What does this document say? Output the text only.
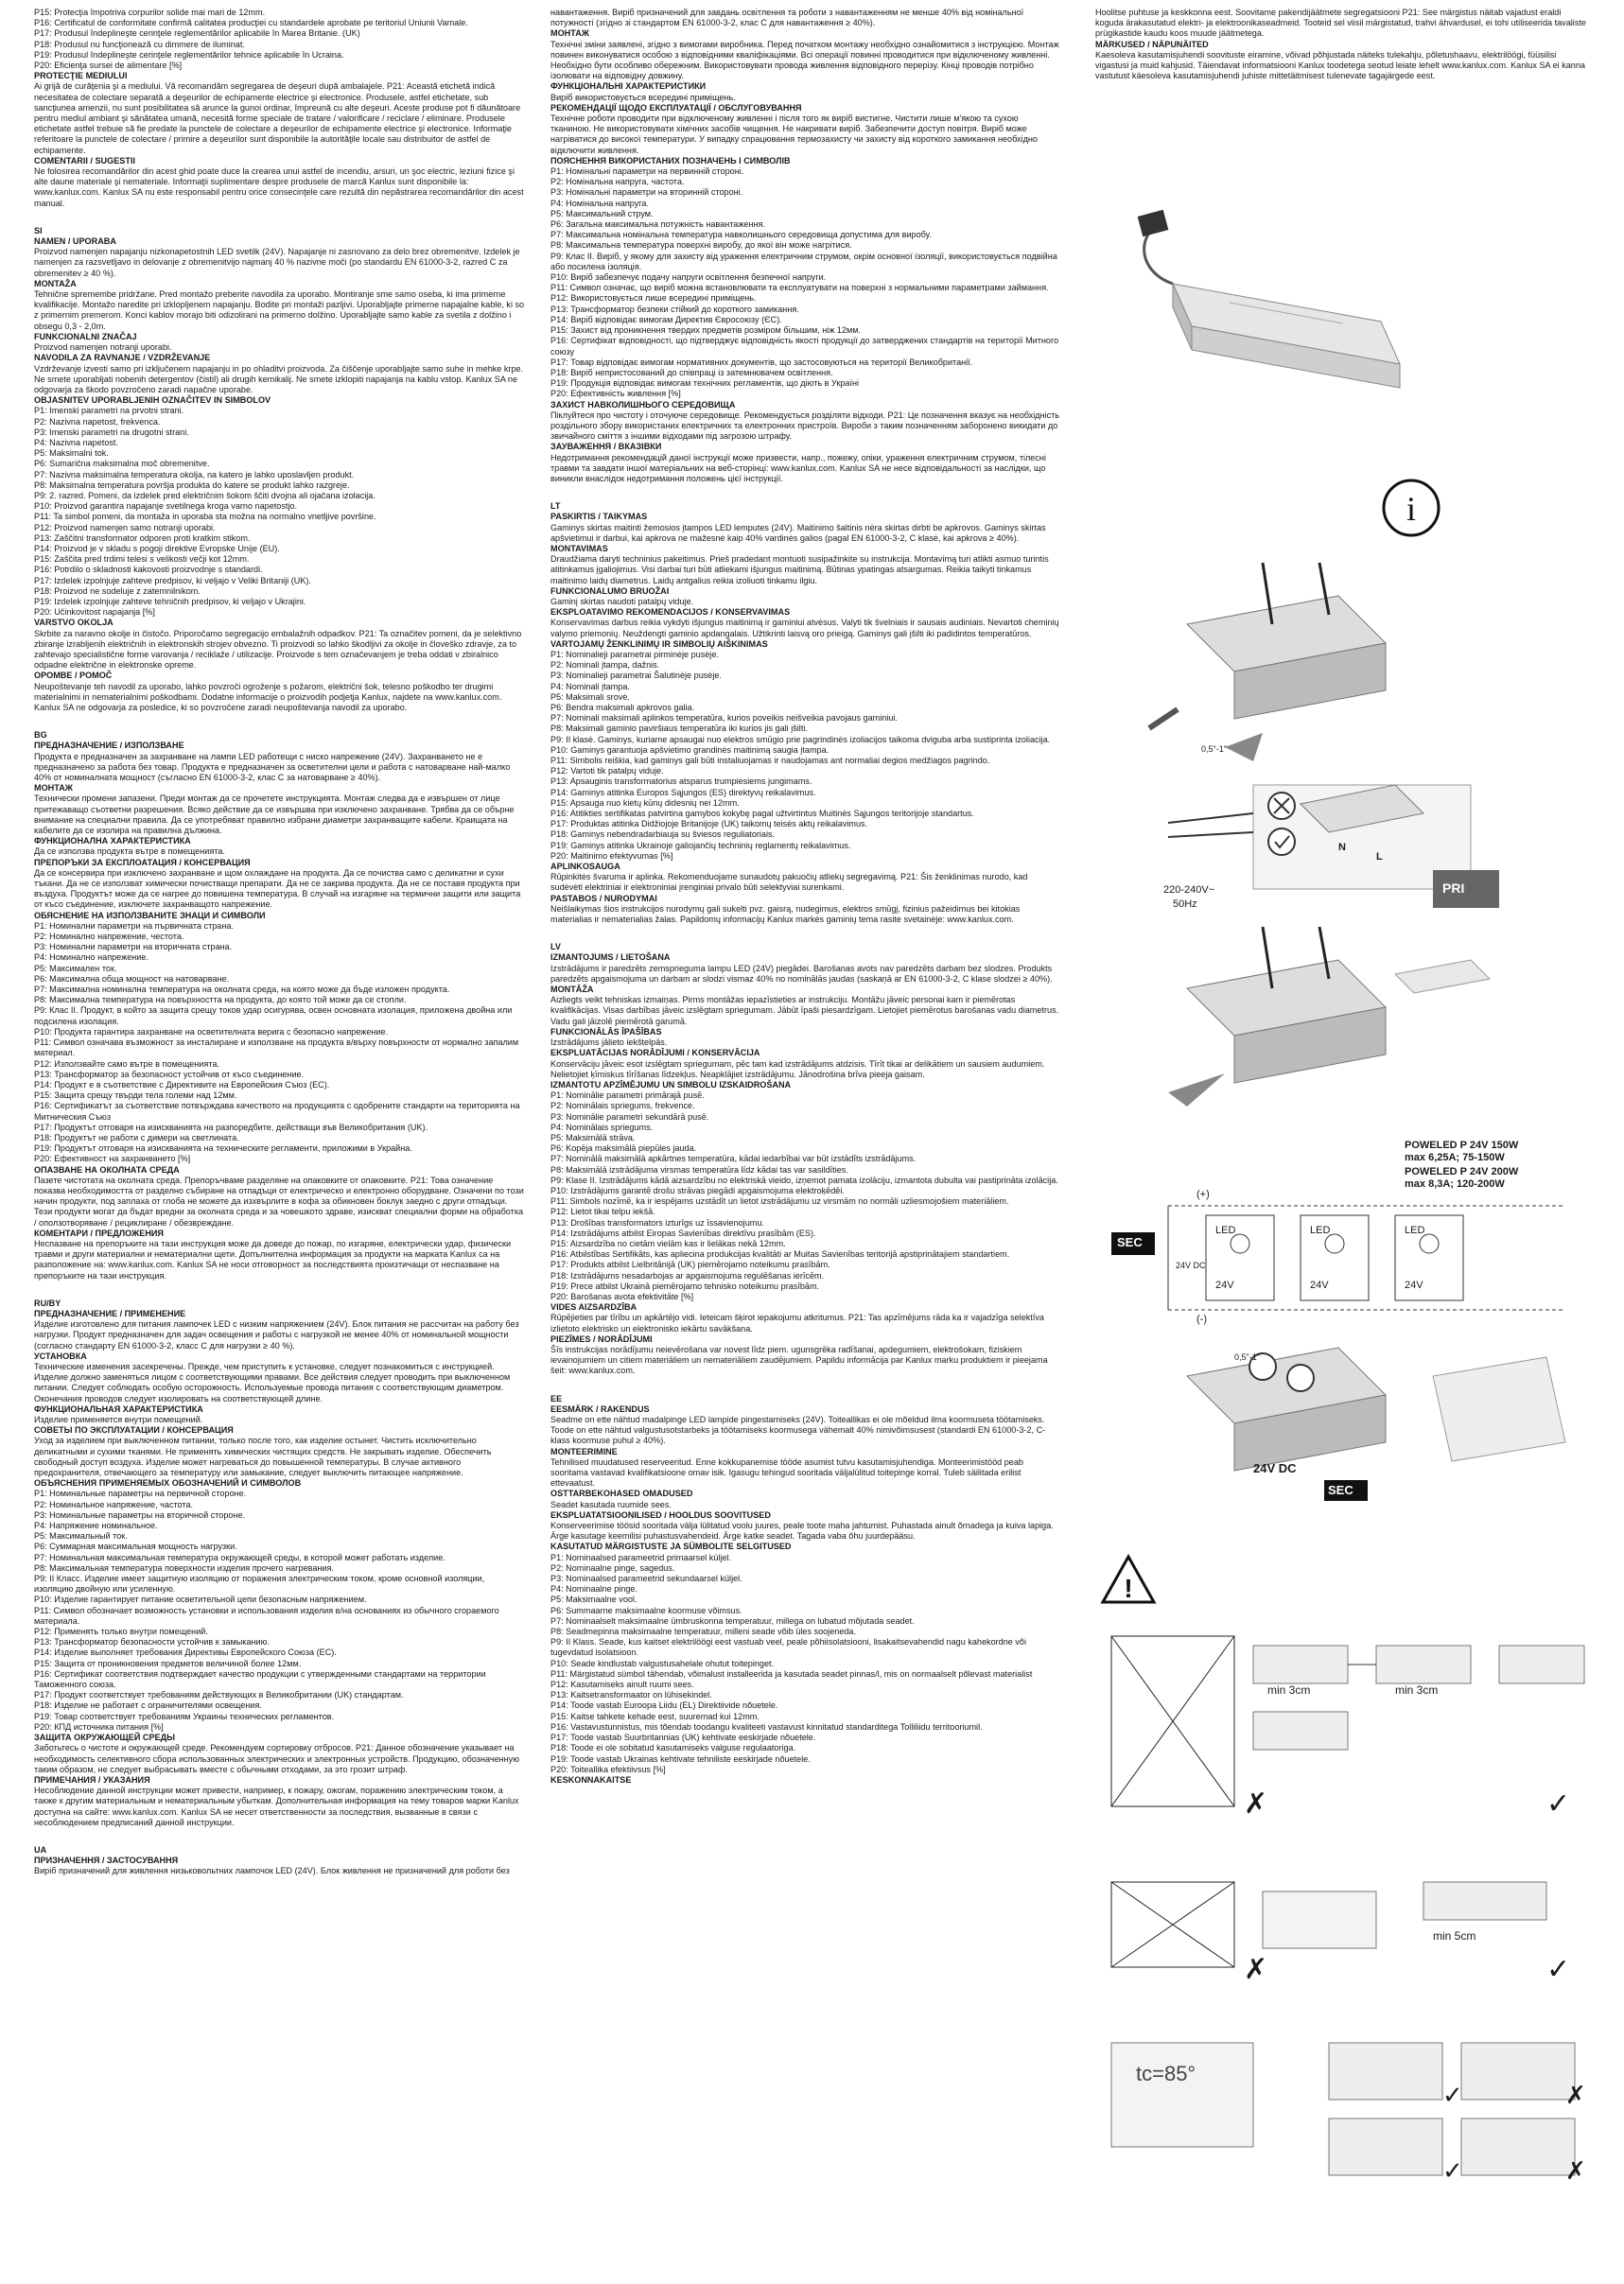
P15: Protecţia împotriva corpurilor solide mai mari de 12mm.

P16: Certificatul de conformitate confirmă calitatea producţiei cu standardele aprobate pe teritoriul Uniunii Vamale.

P17: Produsul îndeplineşte cerinţele reglementărilor aplicabile în Marea Britanie. (UK)

P18: Produsul nu funcţionează cu dimmere de iluminat.

P19: Produsul îndeplineşte cerinţele reglementărilor tehnice aplicabile în Ucraina.

P20: Eficienţa sursei de alimentare [%]

PROTECŢIE MEDIULUI

Ai grijă de curăţenia şi a mediului. Vă recomandăm segregarea de deşeuri după ambalajele. P21: Această etichetă indică necesitatea de colectare separată a deşeurilor de echipamente electrice şi electronice. Produsele, astfel etichetate, sub sancţiunea amenzii, nu sunt posibilitatea să arunce la gunoi ordinar, împreună cu alte deşeuri. Aceste produse pot fi dăunătoare pentru mediul ambiant şi sănătatea umană, necesită forme speciale de tratare / valorificare / reciclare / eliminare. Produsele etichetate astfel trebuie să fie predate la punctele de colectare a deşeurilor de echipamente electrice şi electronice. Informaţie referitoare la punctele de colectare / primire a deşeurilor sunt disponibile la autorităţile locale sau distribuitor de astfel de echipamente.

COMENTARII / SUGESTII

Ne folosirea recomandărilor din acest ghid poate duce la crearea unui astfel de incendiu, arsuri, un şoc electric, leziuni fizice şi alte daune materiale şi nemateriale. Informaţii suplimentare despre produsele de marcă Kanlux sunt disponibile la: www.kanlux.com. Kanlux SA nu este responsabil pentru orice consecinţele care rezultă din nepăstrarea recomandărilor din acest manual.

SI

NAMEN / UPORABA

Proizvod namenjen napajanju nizkonapetostnih LED svetilk (24V). Napajanje ni zasnovano za delo brez obremenitve. Izdelek je namenjen za razsvetljavo in delovanje z obremenitvijo najmanj 40 % nazivne moči (po standardu EN 61000-3-2, razred C za obremenitev ≥ 40 %).

MONTAŽA

Tehnične spremembe pridržane. Pred montažo preberite navodila za uporabo. Montiranje sme samo oseba, ki ima primerne kvalifikacije. Montažo naredite pri izklopljenem napajanju. Bodite pri montaži pazljivi. Uporabljajte primerne napajalne kable, ki so z primernim premerom. Konci kablov morajo biti odizolirani na primerno dolžino. Uporabljajte samo kable za svetila z dolžino i obsegu 0,3 - 2,0m.

FUNKCIONALNI ZNAČAJ

Proizvod namenjen notranji uporabi.

NAVODILA ZA RAVNANJE / VZDRŽEVANJE

Vzdrževanje izvesti samo pri izključenem napajanju in po ohladitvi proizvoda. Za čiščenje uporabljajte samo suhe in mehke krpe. Ne smete uporabljati nobenih detergentov (čistil) ali drugih kemikalij. Ne smete izklopiti napajanja na kablu vstop. Kanlux SA ne odgovarja za škodo povzročeno zaradi napačne uporabe.

OBJASNITEV UPORABLJENIH OZNAČITEV IN SIMBOLOV

P1: Imenski parametri na prvotni strani.

P2: Nazivna napetost, frekvenca.

P3: Imenski parametri na drugotni strani.

P4: Nazivna napetost.

P5: Maksimalni tok.

P6: Sumarična maksimalna moč obremenitve.

P7: Nazivna maksimalna temperatura okolja, na katero je lahko uposlavljen produkt.

P8: Maksimalna temperatura površja produkta do katere se produkt lahko razgreje.

P9: 2. razred. Pomeni, da izdelek pred električnim šokom ščiti dvojna ali ojačana izolacija.

P10: Proizvod garantira napajanje svetilnega kroga varno napetostjo.

P11: Ta simbol pomeni, da montaža in uporaba sta možna na normalno vnetljive površine.

P12: Proizvod namenjen samo notranji uporabi.

P13: Zaščitni transformator odporen proti kratkim stikom.

P14: Proizvod je v skladu s pogoji direktive Evropske Unije (EU).

P15: Zaščita pred trdimi telesi s velikosti večji kot 12mm.

P16: Potrdilo o skladnosti kakovosti proizvodnje s standardi.

P17: Izdelek izpolnjuje zahteve predpisov, ki veljajo v Veliki Britaniji (UK).

P18: Proizvod ne sodeluje z zatemnilnikom.

P19: Izdelek izpolnjuje zahteve tehničnih predpisov, ki veljajo v Ukrajini.

P20: Učinkovitost napajanja [%]

VARSTVO OKOLJA

Skrbite za naravno okolje in čistočo. Priporočamo segregacijo embalažnih odpadkov. P21: Ta označitev pomeni, da je selektivno zbiranje izrabljenih električnih in elektronskih strojev obvezno. Ti proizvodi so lahko škodljivi za okolje in človeško zdravje, za to zahtevajo specialistične forme varovanja / reciklaže / utilizacije. Proizvode s tem označevanjem je treba oddati v zbiralnico odpadne električne in elektronske opreme.

OPOMBE / POMOČ

Neupoštevanje teh navodil za uporabo, lahko povzroči ogroženje s požarom, električni šok, telesno poškodbo ter drugimi materialnimi in nematerialnimi poškodbami. Dodatne informacije o proizvodih podjetja Kanlux, najdete na www.kanlux.com. Kanlux SA ne odgovarja za posledice, ki so povzročene zaradi neupoštevanja navodil za uporabo.

BG

ПРЕДНАЗНАЧЕНИЕ / ИЗПОЛЗВАНЕ

Продукта е предназначен за захранване на лампи LED работещи с ниско напрежение (24V). Захранването не е предназначено за работа без товар. Продукта е предназначен за осветителни цели и работа с натоварване най-малко 40% от номиналната мощност (съгласно EN 61000-3-2, клас C за натоварване ≥ 40%).

МОНТАЖ

Технически промени запазени. Преди монтаж да се прочетете инструкцията. Монтаж следва да е извършен от лице притежаващо съответни разрешения. Всяко действие да се извършва при изключено захранване. Трябва да се обърне внимание на специални правила. Да се употребяват правилно избрани диаметри захранващите кабели. Краищата на кабелите да се изолира на правилна дължина.

ФУНКЦИОНАЛНА ХАРАКТЕРИСТИКА

Да се използва продукта вътре в помещенията.

ПРЕПОРЪКИ ЗА ЕКСПЛОАТАЦИЯ / КОНСЕРВАЦИЯ

Да се консервира при изключено захранване и щом охлаждане на продукта. Да се почиства само с деликатни и сухи тъкани. Да не се използват химически почистващи препарати. Да не се закрива продукта. Да не се поставя продукта при въздуха. Продуктът може да се нагрее до повишена температура. В случай на изгаряне на термични защити или защита от късо съединение, изключете захранващото напрежение.

ОБЯСНЕНИЕ НА ИЗПОЛЗВАНИТЕ ЗНАЦИ И СИМВОЛИ

P1: Номинални параметри на първичната страна.

P2: Номинално напрежение, честота.

P3: Номинални параметри на вторичната страна.

P4: Номинално напрежение.

P5: Максимален ток.

P6: Максимална обща мощност на натоварване.

P7: Максимална номинална температура на околната среда, на която може да бъде изложен продукта.

P8: Максимална температура на повърхността на продукта, до която той може да се стопли.

P9: Клас II. Продукт, в който за защита срещу токов удар осигурява, освен основната изолация, приложена двойна или подсилена изолация.

P10: Продукта гарантира захранване на осветителната верига с безопасно напрежение.

P11: Символ означава възможност за инсталиране и използване на продукта в/върху повърхности от нормално запалим материал.

P12: Използвайте само вътре в помещенията.

P13: Трансформатор за безопасност устойчив от късо съединение.

P14: Продукт е в съответствие с Директивите на Европейския Съюз (ЕС).

P15: Защита срещу твърди тела големи над 12мм.

P16: Сертификатът за съответствие потвърждава качеството на продукцията с одобрените стандарти на територията на Митническия Съюз

P17: Продуктът отговаря на изискванията на разпоредбите, действащи във Великобритания (UK).

P18: Продуктът не работи с димери на светлината.

P19: Продуктът отговаря на изискванията на техническите регламенти, приложими в Украйна.

P20: Ефективност на захранването [%]

ОПАЗВАНЕ НА ОКОЛНАТА СРЕДА

Пазете чистотата на околната среда. Препоръчваме разделяне на опаковките от опаковките. P21: Това означение показва необходимостта от разделно събиране на отпадъци от електрическо и електронно оборудване. Означени по този начин продукти, под заплаха от глоба не можете да изхвърлите в кофа за обикновен боклук заедно с други отпадъци. Тези продукти могат да бъдат вредни за околната среда и за човешкото здраве, изискват специални форми на обработка / оползотворяване / рециклиране / обезвреждане.

КОМЕНТАРИ / ПРЕДЛОЖЕНИЯ

Неспазване на препоръките на тази инструкция може да доведе до пожар, по изгаряне, електрически удар, физически травми и други материални и нематериални щети. Допълнителна информация за продукти на марката Kanlux са на разположение на: www.kanlux.com. Kanlux SA не носи отговорност за последствията произтичащи от неспазване на препоръките на тази инструкция.

RU/BY

ПРЕДНАЗНАЧЕНИЕ / ПРИМЕНЕНИЕ

Изделие изготовлено для питания лампочек LED с низким напряжением (24V). Блок питания не рассчитан на работу без нагрузки. Продукт предназначен для задач освещения и работы с нагрузкой не менее 40% от номинальной мощности (согласно стандарту EN 61000-3-2, класс C для нагрузки ≥ 40 %).

УСТАНОВКА

Технические изменения засекречены. Прежде, чем приступить к установке, следует познакомиться с инструкцией. Изделие должно заменяться лицом с соответствующими правами. Все действия следует проводить при выключенном питании. Следует соблюдать особую осторожность. Используемые провода питания с соответствующим диаметром. Оконечания проводов следует изолировать на соответствующей длине.

ФУНКЦИОНАЛЬНАЯ ХАРАКТЕРИСТИКА

Изделие применяется внутри помещений.

СОВЕТЫ ПО ЭКСПЛУАТАЦИИ / КОНСЕРВАЦИЯ

Уход за изделием при выключенном питании, только после того, как изделие остынет. Чистить исключительно деликатными и сухими тканями. Не применять химических чистящих средств. Не закрывать изделие. Обеспечить свободный доступ воздуха. Изделие может нагреваться до повышенной температуры. В случае активного предохранителя, отвечающего за температуру или замыкание, следует выключить питающее напряжение.

ОБЪЯСНЕНИЯ ПРИМЕНЯЕМЫХ ОБОЗНАЧЕНИЙ И СИМВОЛОВ

P1: Номинальные параметры на первичной стороне.

P2: Номинальное напряжение, частота.

P3: Номинальные параметры на вторичной стороне.

P4: Напряжение номинальное.

P5: Максимальный ток.

P6: Суммарная максимальная мощность нагрузки.

P7: Номинальная максимальная температура окружающей среды, в которой может работать изделие.

P8: Максимальная температура поверхности изделия прочего нагревания.

P9: II Класс. Изделие имеет защитную изоляцию от поражения электрическим током, кроме основной изоляции, изоляцию двойную или усиленную.

P10: Изделие гарантирует питание осветительной цепи безопасным напряжением.

P11: Символ обозначает возможность установки и использования изделия в/на основаниях из обычного сгораемого материала.

P12: Применять только внутри помещений.

P13: Трансформатор безопасности устойчив к замыканию.

P14: Изделие выполняет требования Директивы Европейского Союза (ЕС).

P15: Защита от проникновения предметов величиной более 12мм.

P16: Сертификат соответствия подтверждает качество продукции с утвержденными стандартами на территории Таможенного союза.

P17: Продукт соответствует требованиям действующих в Великобритании (UK) стандартам.

P18: Изделие не работает с ограничителями освещения.

P19: Товар соответствует требованиям Украины технических регламентов.

P20: КПД источника питания [%]

ЗАЩИТА ОКРУЖАЮЩЕЙ СРЕДЫ

Заботьтесь о чистоте и окружающей среде. Рекомендуем сортировку отбросов. P21: Данное обозначение указывает на необходимость селективного сбора использованных электрических и электронных устройств. Продукцию, обозначенную таким образом, не следует выбрасывать вместе с обычными отходами, за это грозит штраф.

ПРИМЕЧАНИЯ / УКАЗАНИЯ

Несоблюдение данной инструкции может привести, например, к пожару, ожогам, поражению электрическим током, а также к другим материальным и нематериальным убыткам. Дополнительная информация на тему товаров марки Kanlux доступна на сайте: www.kanlux.com. Kanlux SA не несет ответственности за последствия, вызванные в связи с несоблюдением предписаний данной инструкции.

UA

ПРИЗНАЧЕННЯ / ЗАСТОСУВАННЯ

Виріб призначений для живлення низьковольтних лампочок LED (24V). Блок живлення не призначений для роботи без

навантаження. Виріб призначений для завдань освітлення та роботи з навантаженням не менше 40% від номінальної потужності (згідно зі стандартом EN 61000-3-2, клас C для навантаження ≥ 40%).

МОНТАЖ

Технічні зміни заявлені, згідно з вимогами виробника. Перед початком монтажу необхідно ознайомитися з інструкцією. Монтаж повинен виконуватися особою з відповідними кваліфікаціями. Всі операції повинні проводитися при відключеному живленні. Необхідно бути особливо обережним. Використовувати провода живлення відповідного перерізу. Кінці проводів потрібно ізолювати на відповідну довжину.

ФУНКЦІОНАЛЬНІ ХАРАКТЕРИСТИКИ

Виріб використовується всередині приміщень.

РЕКОМЕНДАЦІЇ ЩОДО ЕКСПЛУАТАЦІЇ / ОБСЛУГОВУВАННЯ

Технічне роботи проводити при відключеному живленні і після того як виріб вистигне. Чистити лише м'якою та сухою тканиною. Не використовувати хімічних засобів чищення. Не накривати виріб. Забезпечити доступ повітря. Виріб може нагріватися до високої температури. У випадку спрацювання термозахисту чи захисту від короткого замикання необхідно відключити живлення.

ПОЯСНЕННЯ ВИКОРИСТАНИХ ПОЗНАЧЕНЬ І СИМВОЛІВ

P1: Номінальні параметри на первинній стороні.

P2: Номінальна напруга, частота.

P3: Номінальні параметри на вторинній стороні.

P4: Номінальна напруга.

P5: Максимальний струм.

P6: Загальна максимальна потужність навантаження.

P7: Максимальна номінальна температура навколишнього середовища допустима для виробу.

P8: Максимальна температура поверхні виробу, до якої він може нагрітися.

P9: Клас II. Виріб, у якому для захисту від ураження електричним струмом, окрім основної ізоляції, використовується подвійна або посилена ізоляція.

P10: Виріб забезпечує подачу напруги освітлення безпечної напруги.

P11: Символ означає, що виріб можна встановлювати та експлуатувати на поверхні з нормальними параметрами займання.

P12: Використовується лише всередині приміщень.

P13: Трансформатор безпеки стійкий до короткого замикання.

P14: Виріб відповідає вимогам Директив Євросоюзу (ЄС).

P15: Захист від проникнення твердих предметів розміром більшим, ніж 12мм.

P16: Сертифікат відповідності, що підтверджує відповідність якості продукції до затверджених стандартів на території Митного союзу

P17: Товар відповідає вимогам нормативних документів, що застосовуються на території Великобританії.

P18: Виріб непристосований до співпраці із затемнювачем освітлення.

P19: Продукція відповідає вимогам технічних регламентів, що діють в Україні

P20: Ефективність живлення [%]

ЗАХИСТ НАВКОЛИШНЬОГО СЕРЕДОВИЩА

Піклуйтеся про чистоту і оточуюче середовище. Рекомендується розділяти відходи. P21: Це позначення вказує на необхідність роздільного збору використаних електричних та електронних пристроїв. Вироби з таким позначенням заборонено викидати до звичайного сміття з іншими відходами під загрозою штрафу.

ЗАУВАЖЕННЯ / ВКАЗІВКИ

Недотримання рекомендацій даної інструкції може призвести, напр., пожежу, опіки, ураження електричним струмом, тілесні травми та завдати іншої матеріальних на веб-сторінці: www.kanlux.com. Kanlux SA не несе відповідальності за наслідки, що виникли внаслідок недотримання положень цієї інструкції.

LT

PASKIRTIS / TAIKYMAS

Gaminys skirtas maitinti žemosios įtampos LED lemputes (24V). Maitinimo šaltinis nėra skirtas dirbti be apkrovos. Gaminys skirtas apšvietimui ir darbui, kai apkrova ne mažesnė kaip 40% vardinės galios (pagal EN 61000-3-2, C klasė, kai apkrova ≥ 40%).

MONTAVIMAS

Draudžiama daryti techninius pakeitimus. Prieš pradedant montuoti susipažinkite su instrukcija. Montavimą turi atlikti asmuo turintis atitinkamus įgaliojimus. Visi darbai turi būti atliekami išjungus maitinimą. Būtinas ypatingas atsargumas. Reikia taikyti tinkamus maitinimo laidų diametrus. Laidų antgalius reikia izoliuoti tinkamu ilgiu.

FUNKCIONALUMO BRUOŽAI

Gaminį skirtas naudoti patalpų viduje.

EKSPLOATAVIMO REKOMENDACIJOS / KONSERVAVIMAS

Konservavimas darbus reikia vykdyti išjungus maitinimą ir gaminiui atvėsus. Valyti tik švelniais ir sausais audiniais. Nevartoti cheminių valymo priemonių. Neuždengti gaminio apdangalais. Užtikrinti laisvą oro prieigą. Gaminys gali įšilti iki padidintos temperatūros.

VARTOJAMŲ ŽENKLINIMŲ IR SIMBOLIŲ AIŠKINIMAS

P1: Nominalieji parametrai pirminėje pusėje.

P2: Nominali įtampa, dažnis.

P3: Nominalieji parametrai Šalutinėje pusėje.

P4: Nominali įtampa.

P5: Maksimali srovė.

P6: Bendra maksimali apkrovos galia.

P7: Nominali maksimali aplinkos temperatūra, kurios poveikis neišveikia pavojaus gaminiui.

P8: Maksimali gaminio paviršiaus temperatūra iki kurios jis gali įšilti.

P9: II klasė. Gaminys, kuriame apsaugai nuo elektros smūgio prie pagrindinės izoliacijos taikoma dviguba arba sustiprinta izoliacija.

P10: Gaminys garantuoja apšvietimo grandinės maitinimą saugia įtampa.

P11: Simbolis reiškia, kad gaminys gali būti instaliuojamas ir naudojamas ant normaliai degios medžiagos pagrindo.

P12: Vartoti tik patalpų viduje.

P13: Apsauginis transformatorius atsparus trumpiesiems jungimams.

P14: Gaminys atitinka Europos Sąjungos (ES) direktyvų reikalavimus.

P15: Apsauga nuo kietų kūnų didesnių nei 12mm.

P16: Atitikties sertifikatas patvirtina gamybos kokybę pagal užtvirtintus Muitinės Sąjungos teritorijoje standartus.

P17: Produktas atitinka Didžiojoje Britanijoje (UK) taikomų teisės aktų reikalavimus.

P18: Gaminys nebendradarbiauja su šviesos reguliatoriais.

P19: Gaminys atitinka Ukrainoje galiojančių techninių reglamentų reikalavimus.

P20: Maitinimo efektyvumas [%]

APLINKOSAUGA

Rūpinkitės švaruma ir aplinka. Rekomenduojame sunaudotų pakuočių atliekų segregavimą. P21: Šis ženklinimas nurodo, kad sudėvėti elektriniai ir elektroniniai įrenginiai privalo būti selektyviai surenkami.

PASTABOS / NURODYMAI

Neišlaikymas šios instrukcijos nurodymų gali sukelti pvz. gaisrą, nudegimus, elektros smūgį, fizinius pažeidimus bei kitokias materialias ir nematerialias žalas. Papildomų informacijų Kanlux markės gaminių tema rasite svetainėje: www.kanlux.com.

LV

IZMANTOJUMS / LIETOŠANA

Izstrādājums ir paredzēts zemsprieguma lampu LED (24V) piegādei. Barošanas avots nav paredzēts darbam bez slodzes. Produkts paredzēts apgaismojuma un darbam ar slodzi vismaz 40% no nominālās jaudas (saskaņā ar EN 61000-3-2, C klase slodzei ≥ 40%).

MONTĀŽA

Aizliegts veikt tehniskas izmaiņas. Pirms montāžas iepazīstieties ar instrukciju. Montāžu jāveic personai kam ir piemērotas kvalifikācijas. Visas darbības jāveic izslēgtam spriegumam. Jābūt īpaši piesardzīgam. Lietojiet piemērotus barošanas vadu diametrus. Vadu gali jāizolē piemērotā garumā.

FUNKCIONĀLĀS ĪPAŠĪBAS

Izstrādājums jālieto iekštelpās.

EKSPLUATĀCIJAS NORĀDĪJUMI / KONSERVĀCIJA

Konservāciju jāveic esot izslēgtam spriegumam, pēc tam kad izstrādājums atdzisis. Tīrīt tikai ar delikātiem un sausiem audumiem. Nelietojiet ķīmiskus tīrīšanas līdzekļus. Neapklājiet izstrādājumu. Jānodrošina brīva pieeja gaisam.

IZMANTOTU APZĪMĒJUMU UN SIMBOLU IZSKAIDROŠANA

P1: Nominālie parametri primārajā pusē.

P2: Nominālais spriegums, frekvence.

P3: Nominālie parametri sekundārā pusē.

P4: Nominālais spriegums.

P5: Maksimālā strāva.

P6: Kopēja maksimālā piepūles jauda.

P7: Nominālā maksimālā apkārtnes temperatūra, kādai iedarbībai var būt izstādīts izstrādājums.

P8: Maksimālā izstrādājuma virsmas temperatūra līdz kādai tas var sasildīties.

P9: Klase II. Izstrādājums kādā aizsardzību no elektriskā vieido, izņemot pamata izolāciju, izmantota dubulta vai pastiprināta izolācija.

P10: Izstrādājums garantē drošu strāvas piegādi apgaismojuma elektroķēdēi.

P11: Simbols nozīmē, ka ir iespējams uzstādīt un lietot izstrādājumu uz virsmām no normāli uzliesmojošiem materiāliem.

P12: Lietot tikai telpu iekšā.

P13: Drošības transformators izturīgs uz īssavienojumu.

P14: Izstrādājums atbilst Eiropas Savienības direktīvu prasībām (ES).

P15: Aizsardzība no cietām vielām kas ir lielākas nekā 12mm.

P16: Atbilstības Sertifikāts, kas apliecina produkcijas kvalitāti ar Muitas Savienības teritorijā apstiprinātajiem standartiem.

P17: Produkts atbilst Lielbritānijā (UK) piemērojamo noteikumu prasībām.

P18: Izstrādājums nesadarbojas ar apgaismojuma regulēšanas ierīcēm.

P19: Prece atbilst Ukrainā piemērojamo tehnisko noteikumu prasībām.

P20: Barošanas avota efektivitāte [%]

VIDES AIZSARDZĪBA

Rūpējieties par tīrību un apkārtējo vidi. Ieteicam šķirot iepakojumu atkritumus. P21: Tas apzīmējums rāda ka ir vajadzīga selektīva izlietoto elektrisko un elektronisko iekārtu savākšana.

PIEZĪMES / NORĀDĪJUMI

Šīs instrukcijas norādījumu neievērošana var novest līdz piem. ugunsgrēka radīšanai, apdegumiem, elektrošokam, fiziskiem ievainojumiem un citiem materiāliem un nemateriāliem zaudējumiem. Papildu informācija par Kanlux marku produktiem ir pieejama šeit: www.kanlux.com.

EE

EESMÄRK / RAKENDUS

Seadme on ette nähtud madalpinge LED lampide pingestamiseks (24V). Toiteallikas ei ole mõeldud ilma koormuseta töötamiseks. Toode on ette nähtud valgustusotstarbeks ja töötamiseks koormusega vähemalt 40% nimivõimsusest (standardi EN 61000-3-2, C-klass koormuse puhul ≥ 40%).

MONTEERIMINE

Tehnilised muudatused reserveeritud. Enne kokkupanemise tööde asumist tutvu kasutamisjuhendiga. Monteerimistööd peab sooritama vastavad kvalifikatsioone omav isik. Igasugu tehingud sooritada väljalülitud toitepinge korral. Tuleb säilitada erilist ettevaatust.

OSTTARBEKOHASED OMADUSED

Seadet kasutada ruumide sees.

EKSPLUATATSIOONILISED / HOOLDUS SOOVITUSED

Konserveerimise töösid sooritada välja lülitatud voolu juures, peale toote maha jahtumist. Puhastada ainult õrnadega ja kuiva lapiga. Ärge kasutage keemilisi puhastusvahendeid. Ärge katke seadet. Tagada vaba õhu juurdepääsu.

KASUTATUD MÄRGISTUSTE JA SÜMBOLITE SELGITUSED

P1: Nominaalsed parameetrid primaarsel küljel.

P2: Nominaalne pinge, sagedus.

P3: Nominaalsed parameetrid sekundaarsel küljel.

P4: Nominaalne pinge.

P5: Maksimaalne vool.

P6: Summaarne maksimaalne koormuse võimsus.

P7: Nominaalselt maksimaalne ümbruskonna temperatuur, millega on lubatud mõjutada seadet.

P8: Seadmepinna maksimaalne temperatuur, milleni seade võib üles soojeneda.

P9: II Klass. Seade, kus kaitset elektrilöögi eest vastuab veel, peale põhiisolatsiooni, lisakaitsevahendid nagu kahekordne või tugevdatud isolatsioon.

P10: Seade kindlustab valgustusahelale ohutut toitepinget.

P11: Märgistatud sümbol tähendab, võimalust installeerida ja kasutada seadet pinnas/l, mis on normaalselt põlevast materialist

P12: Kasutamiseks ainult ruumi sees.

P13: Kaitsetransformaator on lühisekindel.

P14: Toode vastab Euroopa Liidu (EL) Direktiivide nõuetele.

P15: Kaitse tahkete kehade eest, suuremad kui 12mm.

P16: Vastavustunnistus, mis tõendab toodangu kvaliteeti vastavust kinnitatud standarditega Tolliliidu territooriumil.

P17: Toode vastab Suurbritannias (UK) kehtivate eeskirjade nõuetele.

P18: Toode ei ole sobitatud kasutamiseks valguse regulaatoriga.

P19: Toode vastab Ukrainas kehtivate tehniliste eeskirjade nõuetele.

P20: Toiteallika efektiivsus [%]

KESKONNAKAITSE

Hoolitse puhtuse ja keskkonna eest. Soovitame pakendijäätmete segregatsiooni P21: See märgistus näitab vajadust eraldi koguda ärakasutatud elektri- ja elektroonikaseadmeid. Tooteid sel viisil märgistatud, trahvi ähvardusel, ei tohi utiliseerida tavaliste prügikastide kaudu koos muude jäätmetega.

MÄRKUSED / NÄPUNÄITED

Kaesoleva kasutamisjuhendi soovituste eiramine, võivad põhjustada näiteks tulekahju, põletushaavu, elektrilöögi, füüsilisi vigastusi ja muid kahjusid. Täiendavat informatsiooni Kanlux toodetega seotud leiate lehelt www.kanlux.com. Kanlux SA ei kanna vastutust käesoleva kasutamisjuhendi juhiste mittetäitmisest tulenevate tagajärgede eest.

i
220-240V~
50Hz
N
L
0,5"-1"
PRI
SEC
POWELED P 24V 150W
max 6,25A; 75-150W
POWELED P 24V 200W
max 8,3A; 120-200W
24V DC
LED	LED	LED
24V	24V	24V
(+)
(-)
0,5"-1"
SEC
24V DC
!
min 3cm	min 3cm
min 5cm
tc=85°
✗	✓
✗	✓
✓	✗
✓	✗
